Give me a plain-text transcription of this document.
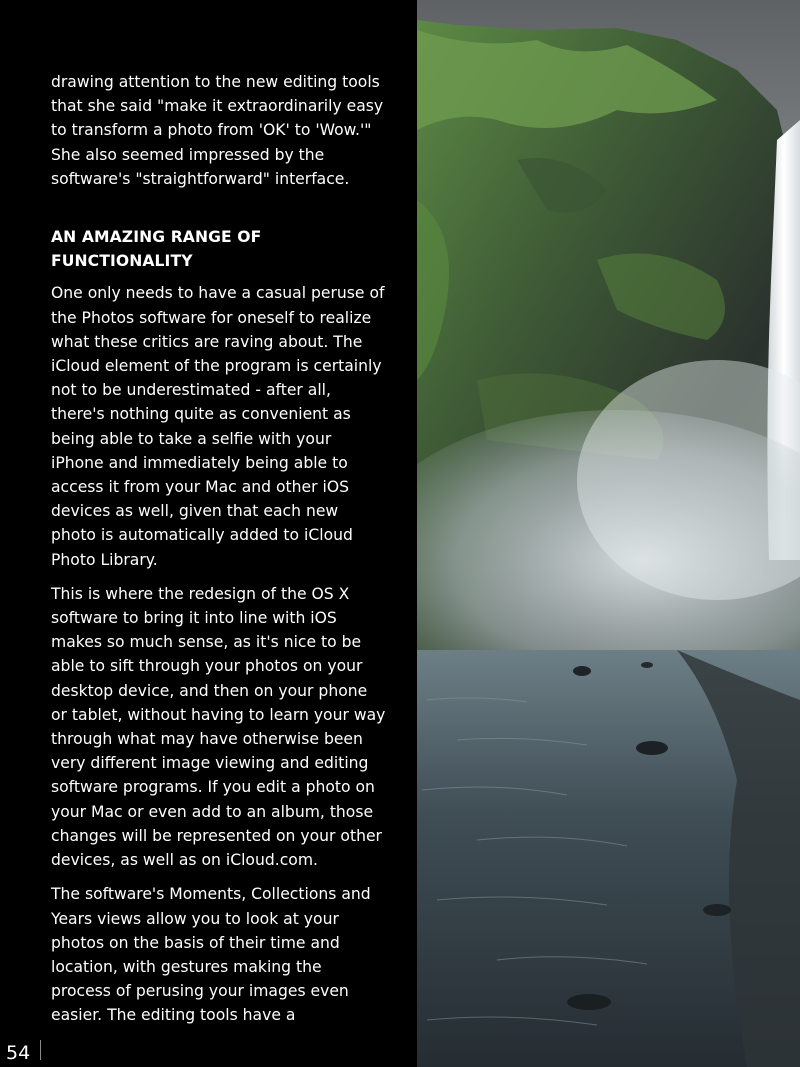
drawing attention to the new editing tools that she said "make it extraordinarily easy to transform a photo from 'OK' to 'Wow.'" She also seemed impressed by the software's "straightforward" interface.

AN AMAZING RANGE OF
FUNCTIONALITY

One only needs to have a casual peruse of the Photos software for oneself to realize what these critics are raving about. The iCloud element of the program is certainly not to be underestimated - after all, there's nothing quite as convenient as being able to take a selfie with your iPhone and immediately being able to access it from your Mac and other iOS devices as well, given that each new photo is automatically added to iCloud Photo Library.

This is where the redesign of the OS X software to bring it into line with iOS makes so much sense, as it's nice to be able to sift through your photos on your desktop device, and then on your phone or tablet, without having to learn your way through what may have otherwise been very different image viewing and editing software programs. If you edit a photo on your Mac or even add to an album, those changes will be represented on your other devices, as well as on iCloud.com.

The software's Moments, Collections and Years views allow you to look at your photos on the basis of their time and location, with gestures making the process of perusing your images even easier. The editing tools have a

54
